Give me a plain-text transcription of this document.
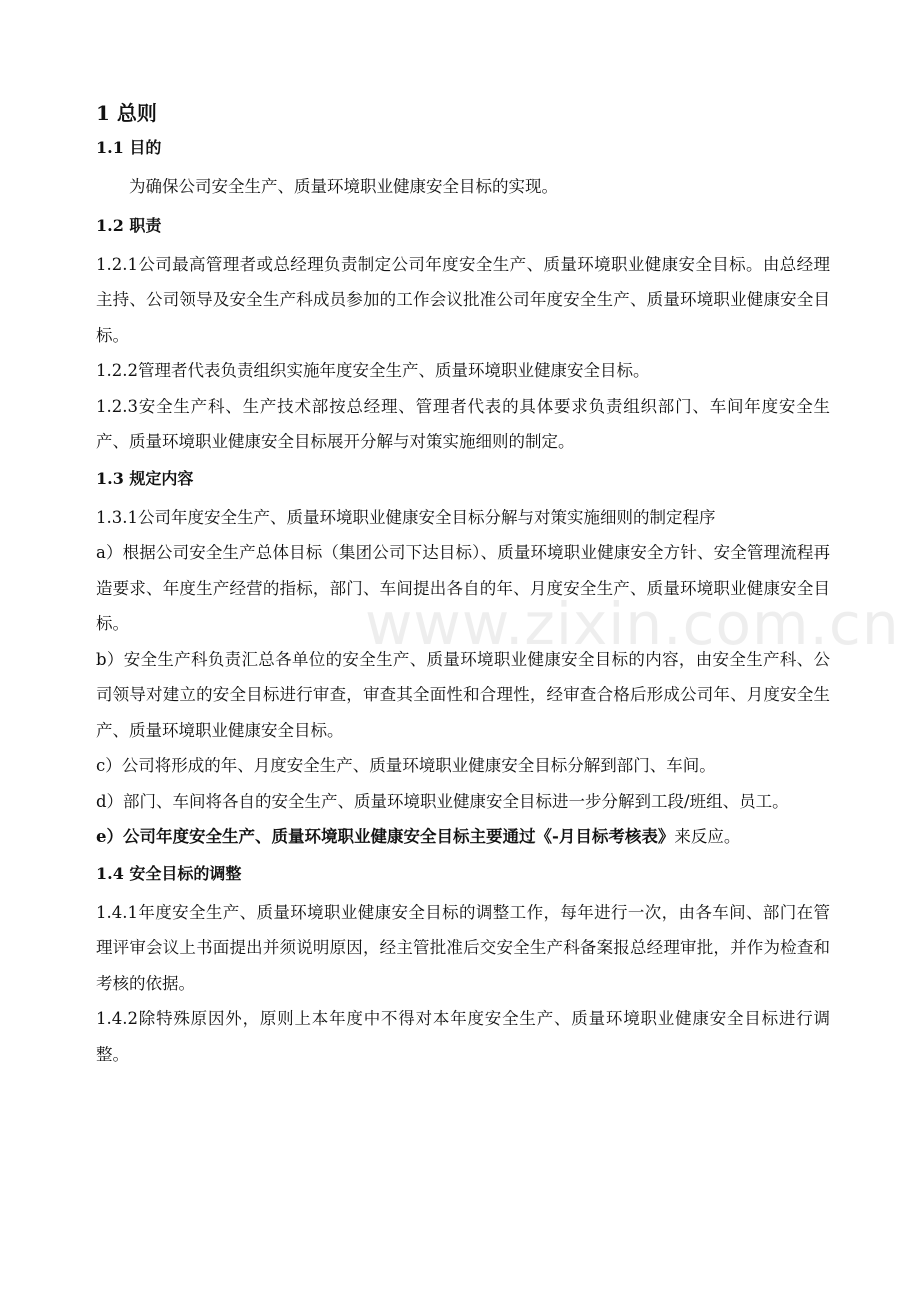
1 总则
1.1 目的

为确保公司安全生产、质量环境职业健康安全目标的实现。

1.2 职责

1.2.1公司最高管理者或总经理负责制定公司年度安全生产、质量环境职业健康安全目标。由总经理主持、公司领导及安全生产科成员参加的工作会议批准公司年度安全生产、质量环境职业健康安全目标。

1.2.2管理者代表负责组织实施年度安全生产、质量环境职业健康安全目标。

1.2.3安全生产科、生产技术部按总经理、管理者代表的具体要求负责组织部门、车间年度安全生产、质量环境职业健康安全目标展开分解与对策实施细则的制定。

1.3 规定内容

1.3.1公司年度安全生产、质量环境职业健康安全目标分解与对策实施细则的制定程序

a）根据公司安全生产总体目标（集团公司下达目标）、质量环境职业健康安全方针、安全管理流程再造要求、年度生产经营的指标，部门、车间提出各自的年、月度安全生产、质量环境职业健康安全目标。

b）安全生产科负责汇总各单位的安全生产、质量环境职业健康安全目标的内容，由安全生产科、公司领导对建立的安全目标进行审查，审查其全面性和合理性，经审查合格后形成公司年、月度安全生产、质量环境职业健康安全目标。

c）公司将形成的年、月度安全生产、质量环境职业健康安全目标分解到部门、车间。

d）部门、车间将各自的安全生产、质量环境职业健康安全目标进一步分解到工段/班组、员工。

e）公司年度安全生产、质量环境职业健康安全目标主要通过《-月目标考核表》来反应。

1.4 安全目标的调整

1.4.1年度安全生产、质量环境职业健康安全目标的调整工作，每年进行一次，由各车间、部门在管理评审会议上书面提出并须说明原因，经主管批准后交安全生产科备案报总经理审批，并作为检查和考核的依据。

1.4.2除特殊原因外，原则上本年度中不得对本年度安全生产、质量环境职业健康安全目标进行调整。

www.zixin.com.cn
